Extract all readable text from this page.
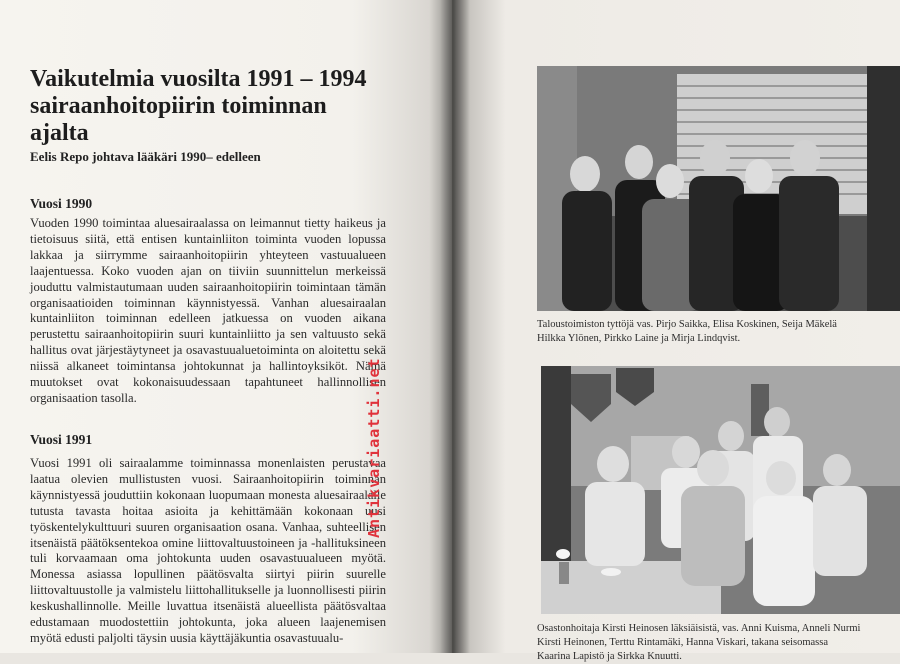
Vaikutelmia vuosilta 1991 – 1994 sairaanhoitopiirin toiminnan ajalta

Eelis Repo johtava lääkäri 1990– edelleen

Vuosi 1990

Vuoden 1990 toimintaa aluesairaalassa on leimannut tietty haikeus ja tietoisuus siitä, että entisen kuntainliiton toiminta vuoden lopussa lakkaa ja siirrymme sairaanhoitopiirin yhteyteen vastuualueen laajentuessa. Koko vuoden ajan on tiiviin suunnittelun merkeissä jouduttu valmistautumaan uuden sairaanhoitopiirin toimintaan tämän organisaatioiden toiminnan käynnistyessä. Vanhan aluesairaalan kuntainliiton toiminnan edelleen jatkuessa on vuoden aikana perustettu sairaanhoitopiirin suuri kuntainliitto ja sen valtuusto sekä hallitus ovat järjestäytyneet ja osavastuualuetoiminta on aloitettu sekä niissä alkaneet toimintansa johtokunnat ja hallintoyksiköt. Nämä muutokset ovat kokonaisuudessaan tapahtuneet hallinnollisen organisaation tasolla.

Vuosi 1991

Vuosi 1991 oli sairaalamme toiminnassa monenlaisten perustavaa laatua olevien mullistusten vuosi. Sairaanhoitopiirin toiminnan käynnistyessä jouduttiin kokonaan luopumaan monesta aluesairaalalle tutusta tavasta hoitaa asioita ja kehittämään kokonaan uusi työskentelykulttuuri suuren organisaation osana. Vanhaa, suhteellisen itsenäistä päätöksentekoa omine liittovaltuustoineen ja -hallituksineen tuli korvaamaan oma johtokunta uuden osavastuualueen myötä. Monessa asiassa lopullinen päätösvalta siirtyi piirin suurelle liittovaltuustolle ja valmistelu liittohallitukselle ja luonnollisesti piirin keskushallinnolle. Meille luvattua itsenäistä alueellista päätösvaltaa edustamaan muodostettiin johtokunta, joka alueen laajenemisen myötä edusti paljolti täysin uusia käyttäjäkuntia osavastuualu-

Antikvariaatti.net

Taloustoimiston tyttöjä vas. Pirjo Saikka, Elisa Koskinen, Seija Mäkelä

Hilkka Ylönen, Pirkko Laine ja Mirja Lindqvist.

Osastonhoitaja Kirsti Heinosen läksiäisistä, vas. Anni Kuisma, Anneli Nurmi

Kirsti Heinonen, Terttu Rintamäki, Hanna Viskari, takana seisomassa

Kaarina Lapistö ja Sirkka Knuutti.
